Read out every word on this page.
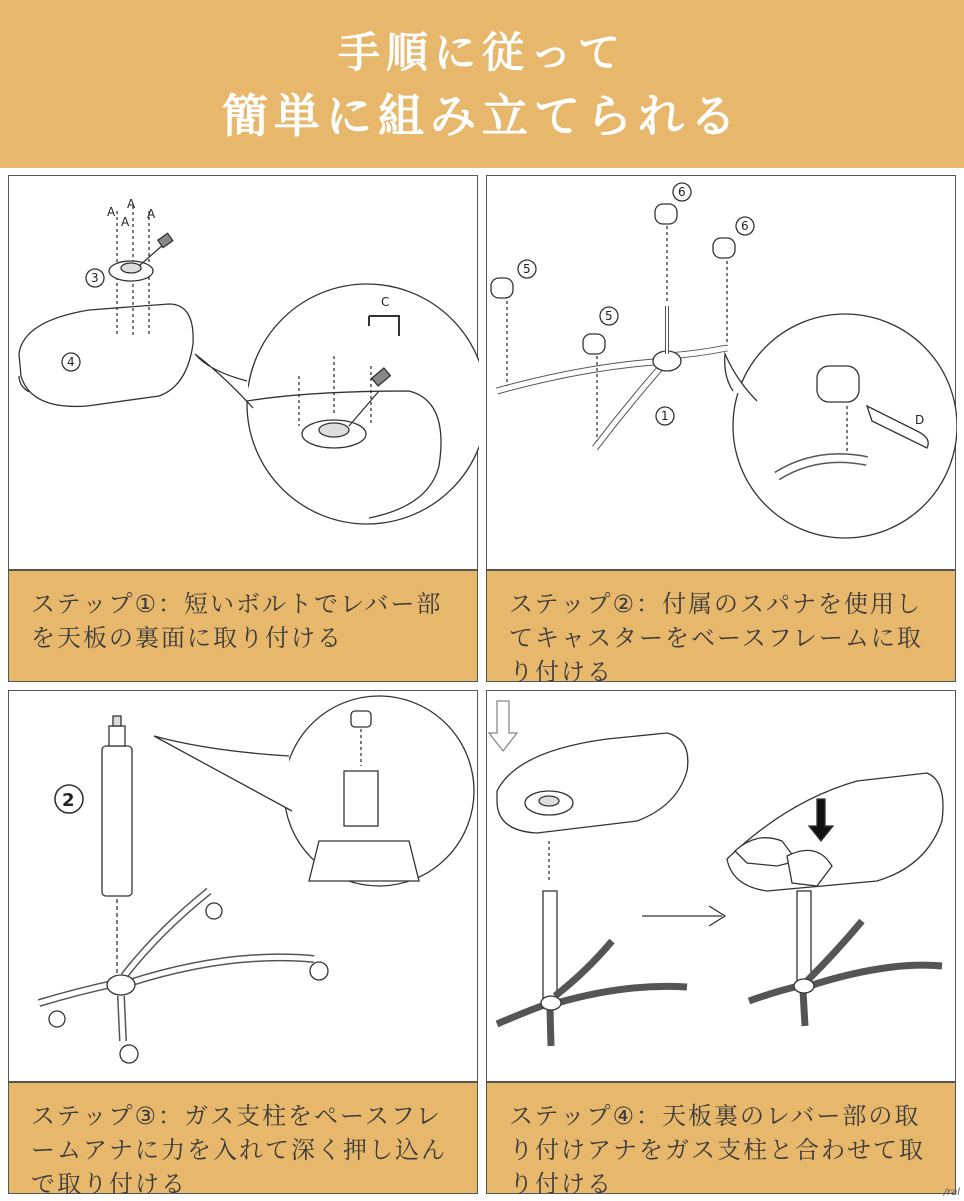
手順に従って
簡単に組み立てられる
A
A
A
A
3
4
C
ステップ①：短いボルトでレバー部を天板の裏面に取り付ける
6
6
5
5
1	D
ステップ②：付属のスパナを使用してキャスターをベースフレームに取り付ける
2
ステップ③：ガス支柱をペースフレームアナに力を入れて深く押し込んで取り付ける
ステップ④：天板裏のレバー部の取り付けアナをガス支柱と合わせて取り付ける	/ral
